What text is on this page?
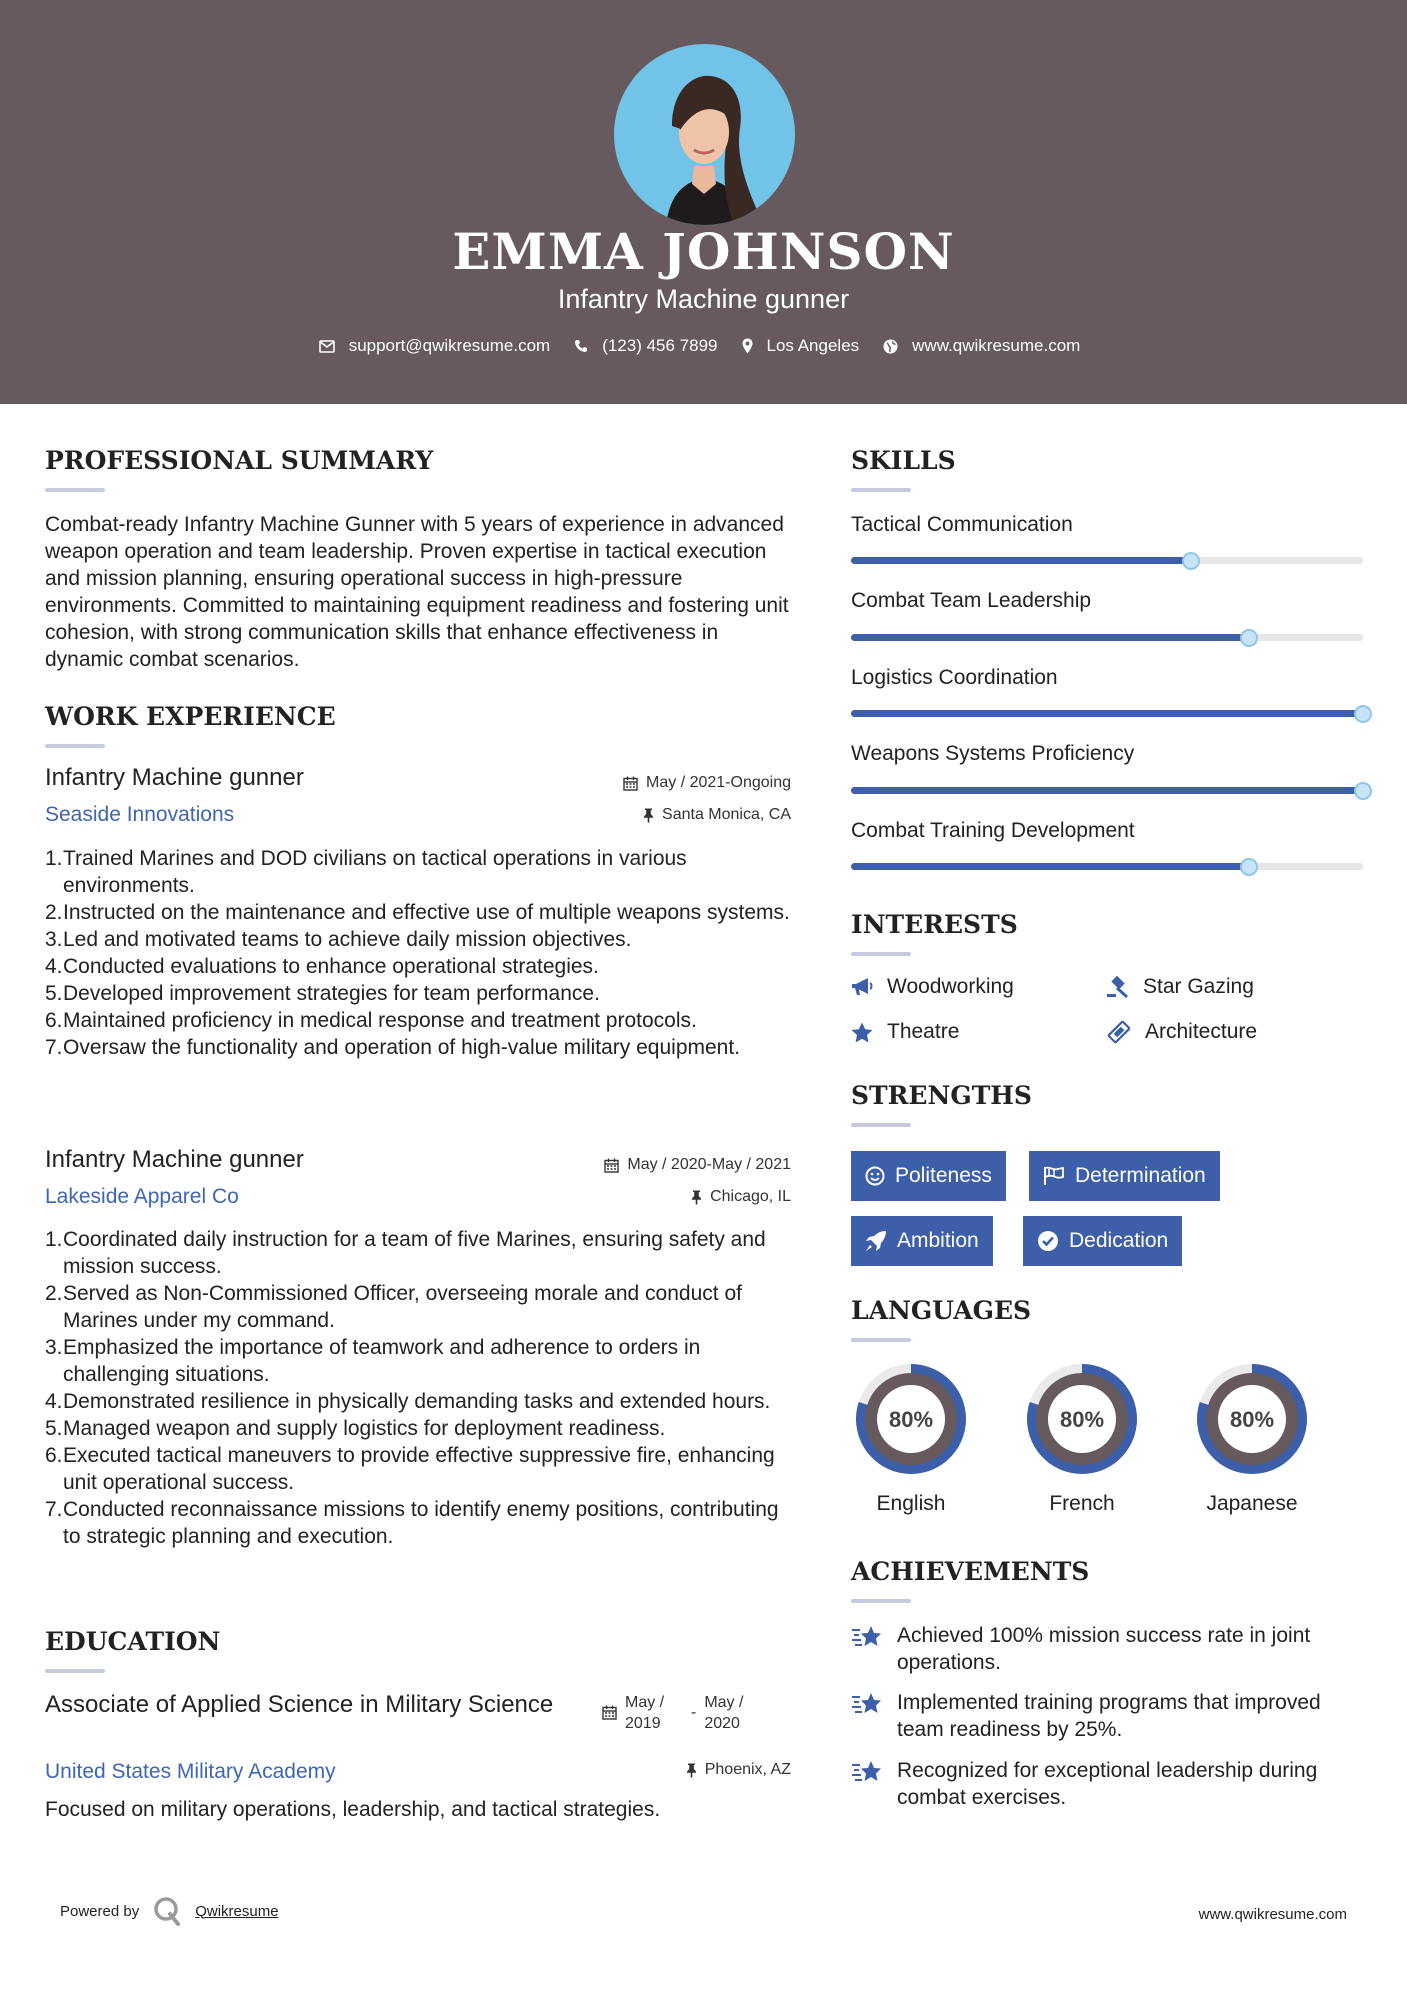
EMMA JOHNSON
Infantry Machine gunner
support@qwikresume.com	(123) 456 7899	Los Angeles	www.qwikresume.com
PROFESSIONAL SUMMARY
Combat-ready Infantry Machine Gunner with 5 years of experience in advanced weapon operation and team leadership. Proven expertise in tactical execution and mission planning, ensuring operational success in high-pressure environments. Committed to maintaining equipment readiness and fostering unit cohesion, with strong communication skills that enhance effectiveness in dynamic combat scenarios.
WORK EXPERIENCE
Infantry Machine gunner	May / 2021-Ongoing
Seaside Innovations	Santa Monica, CA
1. Trained Marines and DOD civilians on tactical operations in various environments.
2. Instructed on the maintenance and effective use of multiple weapons systems.
3. Led and motivated teams to achieve daily mission objectives.
4. Conducted evaluations to enhance operational strategies.
5. Developed improvement strategies for team performance.
6. Maintained proficiency in medical response and treatment protocols.
7. Oversaw the functionality and operation of high-value military equipment.
Infantry Machine gunner	May / 2020-May / 2021
Lakeside Apparel Co	Chicago, IL
1. Coordinated daily instruction for a team of five Marines, ensuring safety and mission success.
2. Served as Non-Commissioned Officer, overseeing morale and conduct of Marines under my command.
3. Emphasized the importance of teamwork and adherence to orders in challenging situations.
4. Demonstrated resilience in physically demanding tasks and extended hours.
5. Managed weapon and supply logistics for deployment readiness.
6. Executed tactical maneuvers to provide effective suppressive fire, enhancing unit operational success.
7. Conducted reconnaissance missions to identify enemy positions, contributing to strategic planning and execution.
EDUCATION
Associate of Applied Science in Military Science	May / 2019
-
May / 2020
United States Military Academy	Phoenix, AZ
Focused on military operations, leadership, and tactical strategies.
SKILLS
Tactical Communication
Combat Team Leadership
Logistics Coordination
Weapons Systems Proficiency
Combat Training Development
INTERESTS
Woodworking	Star Gazing
Theatre	Architecture
STRENGTHS
Politeness	Determination
Ambition	Dedication
LANGUAGES
80%
English
80%
French
80%
Japanese
ACHIEVEMENTS
Achieved 100% mission success rate in joint operations.
Implemented training programs that improved team readiness by 25%.
Recognized for exceptional leadership during combat exercises.
Powered by	Qwikresume	www.qwikresume.com
